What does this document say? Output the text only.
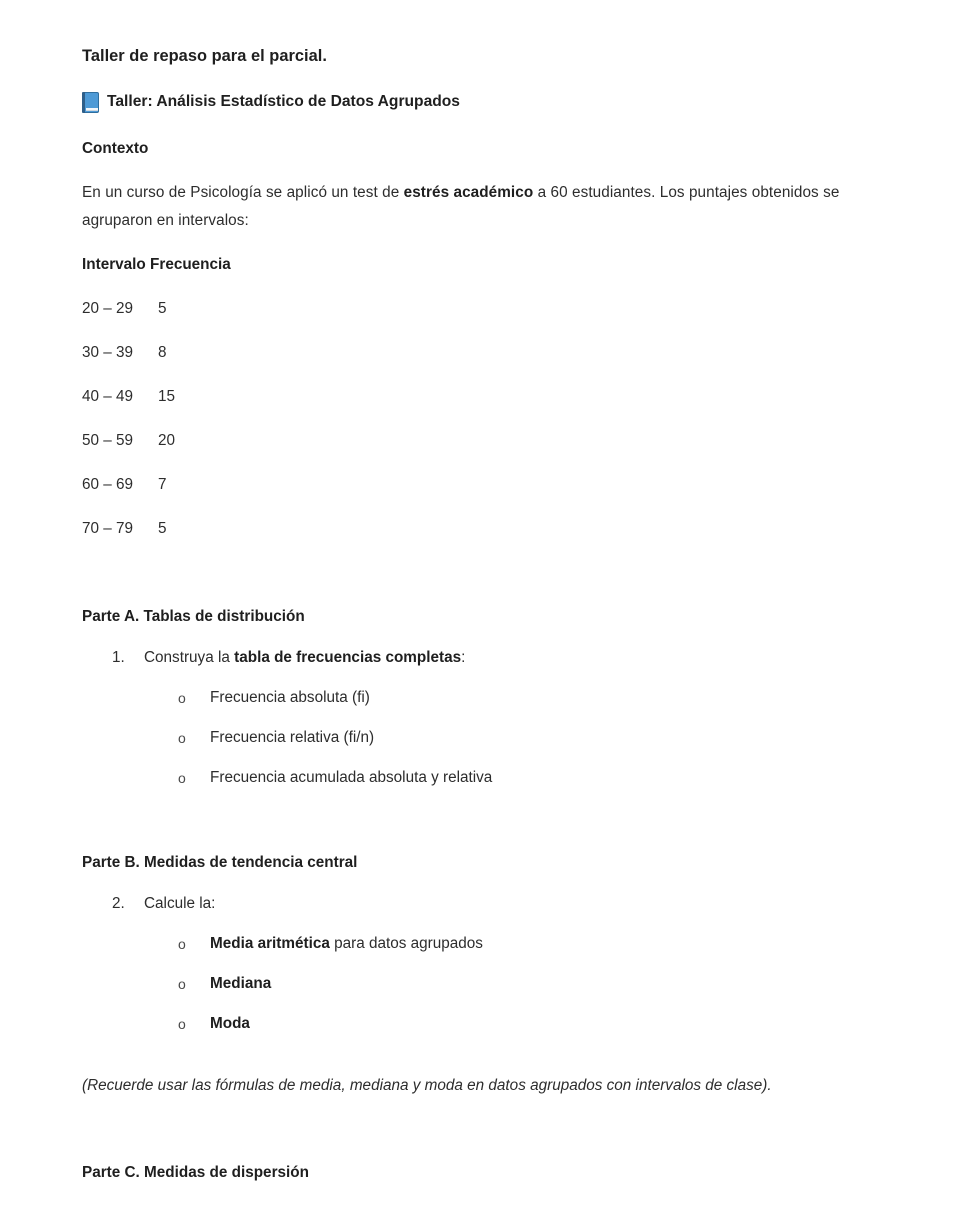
Taller de repaso para el parcial.
Taller: Análisis Estadístico de Datos Agrupados
Contexto

En un curso de Psicología se aplicó un test de estrés académico a 60 estudiantes. Los puntajes obtenidos se agruparon en intervalos:

Intervalo Frecuencia
20 – 29 5
30 – 39 8
40 – 49 15
50 – 59 20
60 – 69 7
70 – 79 5
Parte A. Tablas de distribución
1.	Construya la tabla de frecuencias completas:
o Frecuencia absoluta (fi)
o Frecuencia relativa (fi/n)
o Frecuencia acumulada absoluta y relativa
Parte B. Medidas de tendencia central
2.	Calcule la:
o Media aritmética para datos agrupados
o Mediana
o Moda

(Recuerde usar las fórmulas de media, mediana y moda en datos agrupados con intervalos de clase).

Parte C. Medidas de dispersión
